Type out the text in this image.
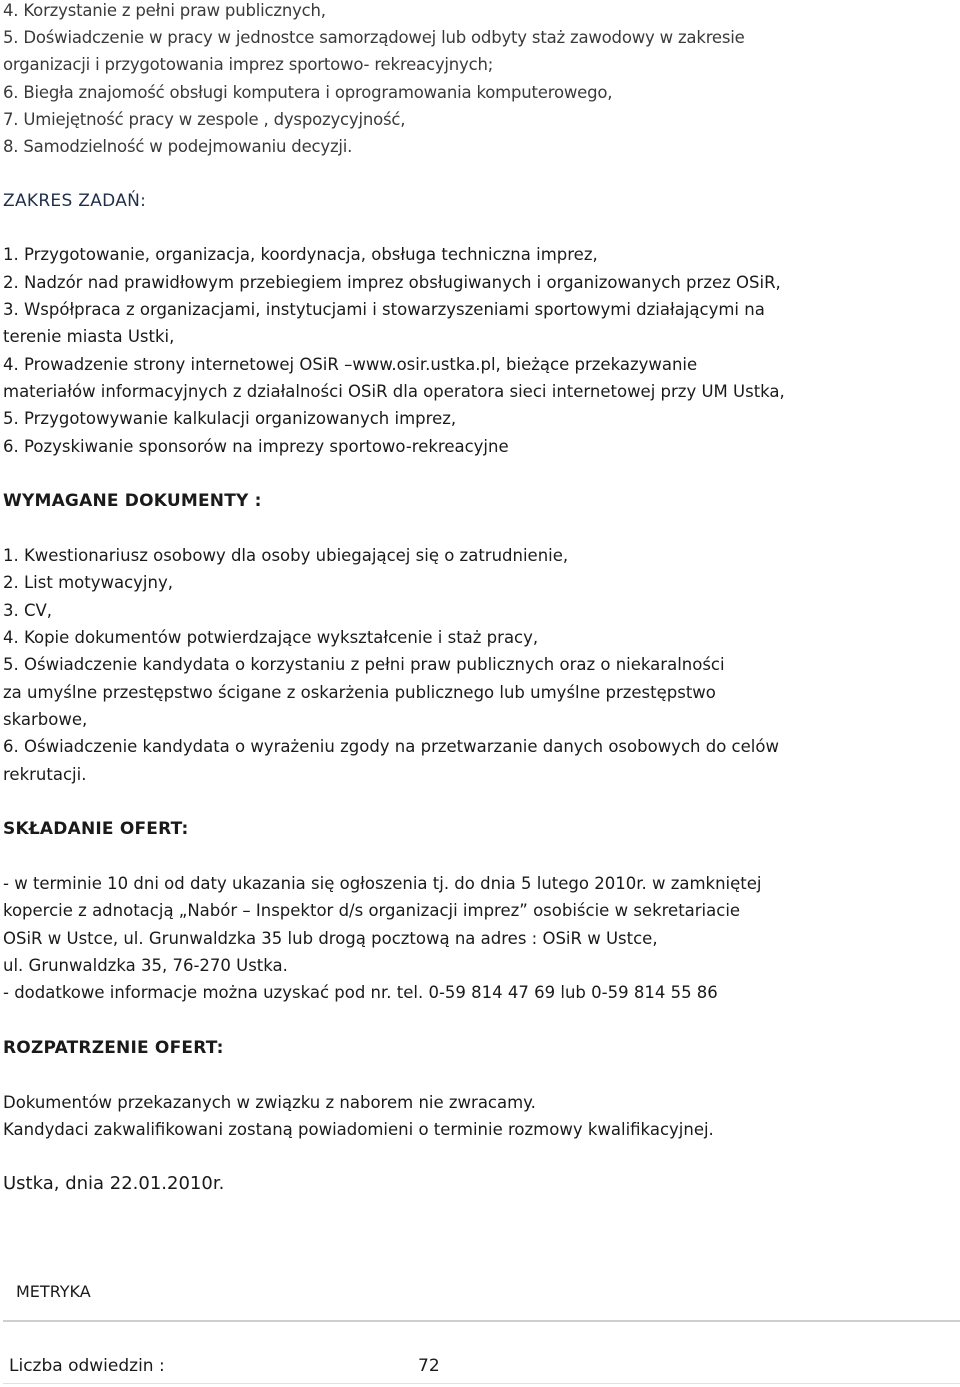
4. Korzystanie z pełni praw publicznych,
5. Doświadczenie w pracy w jednostce samorządowej lub odbyty staż zawodowy w zakresie
organizacji i przygotowania imprez sportowo- rekreacyjnych;
6. Biegła znajomość obsługi komputera i oprogramowania komputerowego,
7. Umiejętność pracy w zespole , dyspozycyjność,
8. Samodzielność w podejmowaniu decyzji.
ZAKRES ZADAŃ:
1. Przygotowanie, organizacja, koordynacja, obsługa techniczna imprez,
2. Nadzór nad prawidłowym przebiegiem imprez obsługiwanych i organizowanych przez OSiR,
3. Współpraca z organizacjami, instytucjami i stowarzyszeniami sportowymi działającymi na
terenie miasta Ustki,
4. Prowadzenie strony internetowej OSiR –www.osir.ustka.pl, bieżące przekazywanie
materiałów informacyjnych z działalności OSiR dla operatora sieci internetowej przy UM Ustka,
5. Przygotowywanie kalkulacji organizowanych imprez,
6. Pozyskiwanie sponsorów na imprezy sportowo-rekreacyjne
WYMAGANE DOKUMENTY :
1. Kwestionariusz osobowy dla osoby ubiegającej się o zatrudnienie,
2. List motywacyjny,
3. CV,
4. Kopie dokumentów potwierdzające wykształcenie i staż pracy,
5. Oświadczenie kandydata o korzystaniu z pełni praw publicznych oraz o niekaralności
za umyślne przestępstwo ścigane z oskarżenia publicznego lub umyślne przestępstwo
skarbowe,
6. Oświadczenie kandydata o wyrażeniu zgody na przetwarzanie danych osobowych do celów
rekrutacji.
SKŁADANIE OFERT:
- w terminie 10 dni od daty ukazania się ogłoszenia tj. do dnia 5 lutego 2010r. w zamkniętej
kopercie z adnotacją „Nabór – Inspektor d/s organizacji imprez” osobiście w sekretariacie
OSiR w Ustce, ul. Grunwaldzka 35 lub drogą pocztową na adres : OSiR w Ustce,
ul. Grunwaldzka 35, 76-270 Ustka.
- dodatkowe informacje można uzyskać pod nr. tel. 0-59 814 47 69 lub 0-59 814 55 86
ROZPATRZENIE OFERT:
Dokumentów przekazanych w związku z naborem nie zwracamy.
Kandydaci zakwalifikowani zostaną powiadomieni o terminie rozmowy kwalifikacyjnej.
Ustka, dnia 22.01.2010r.
METRYKA
Liczba odwiedzin :	72
